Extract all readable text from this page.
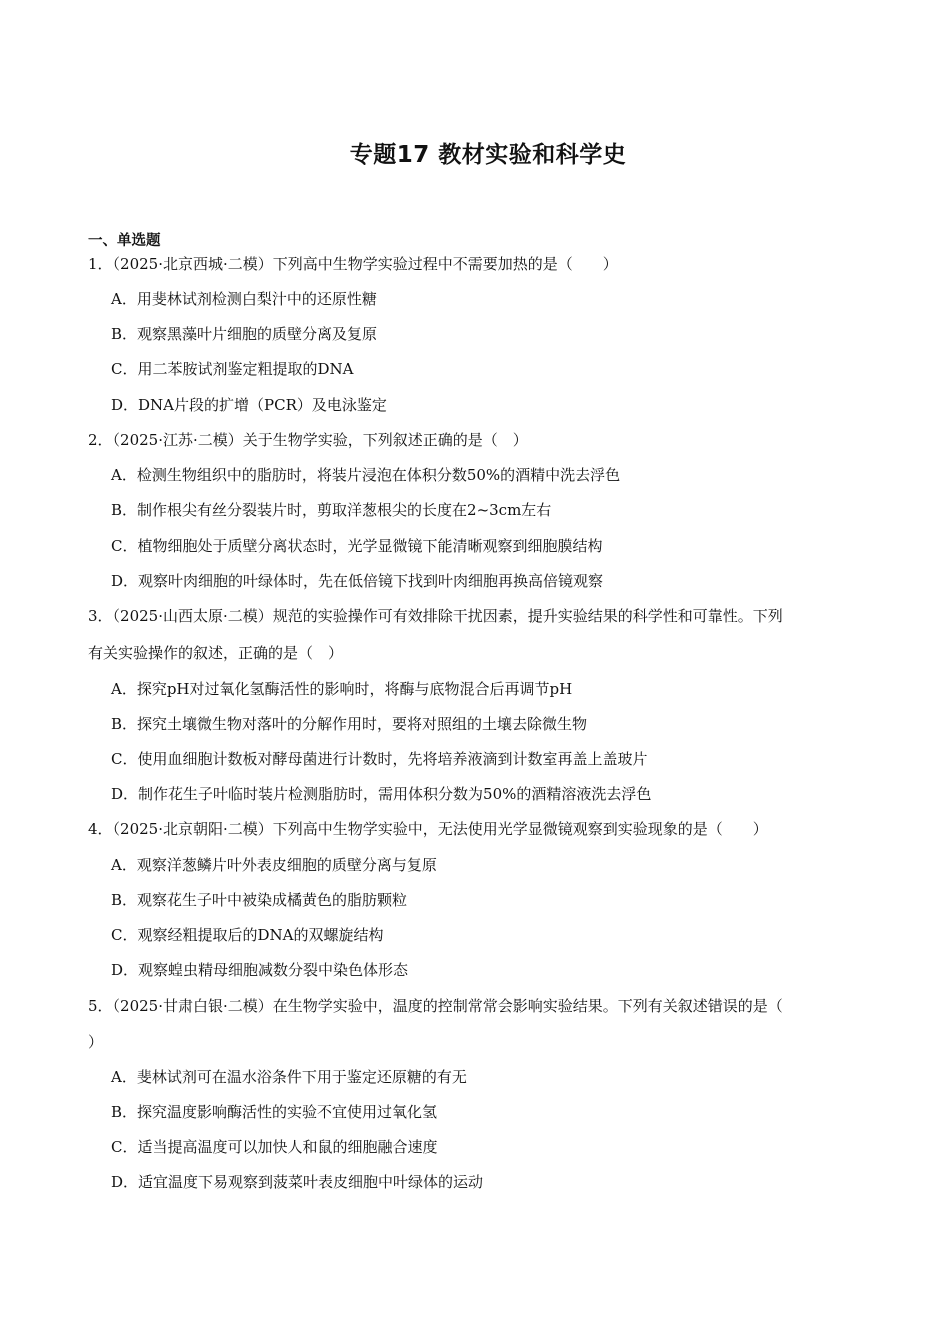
专题17 教材实验和科学史
一、单选题
1．（2025·北京西城·二模）下列高中生物学实验过程中不需要加热的是（　　）
A．用斐林试剂检测白梨汁中的还原性糖
B．观察黑藻叶片细胞的质壁分离及复原
C．用二苯胺试剂鉴定粗提取的DNA
D．DNA片段的扩增（PCR）及电泳鉴定
2．（2025·江苏·二模）关于生物学实验，下列叙述正确的是（　）
A．检测生物组织中的脂肪时，将装片浸泡在体积分数50%的酒精中洗去浮色
B．制作根尖有丝分裂装片时，剪取洋葱根尖的长度在2~3cm左右
C．植物细胞处于质壁分离状态时，光学显微镜下能清晰观察到细胞膜结构
D．观察叶肉细胞的叶绿体时，先在低倍镜下找到叶肉细胞再换高倍镜观察
3．（2025·山西太原·二模）规范的实验操作可有效排除干扰因素，提升实验结果的科学性和可靠性。下列
有关实验操作的叙述，正确的是（　）
A．探究pH对过氧化氢酶活性的影响时，将酶与底物混合后再调节pH
B．探究土壤微生物对落叶的分解作用时，要将对照组的土壤去除微生物
C．使用血细胞计数板对酵母菌进行计数时，先将培养液滴到计数室再盖上盖玻片
D．制作花生子叶临时装片检测脂肪时，需用体积分数为50%的酒精溶液洗去浮色
4．（2025·北京朝阳·二模）下列高中生物学实验中，无法使用光学显微镜观察到实验现象的是（　　）
A．观察洋葱鳞片叶外表皮细胞的质壁分离与复原
B．观察花生子叶中被染成橘黄色的脂肪颗粒
C．观察经粗提取后的DNA的双螺旋结构
D．观察蝗虫精母细胞减数分裂中染色体形态
5．（2025·甘肃白银·二模）在生物学实验中，温度的控制常常会影响实验结果。下列有关叙述错误的是（
）
A．斐林试剂可在温水浴条件下用于鉴定还原糖的有无
B．探究温度影响酶活性的实验不宜使用过氧化氢
C．适当提高温度可以加快人和鼠的细胞融合速度
D．适宜温度下易观察到菠菜叶表皮细胞中叶绿体的运动
